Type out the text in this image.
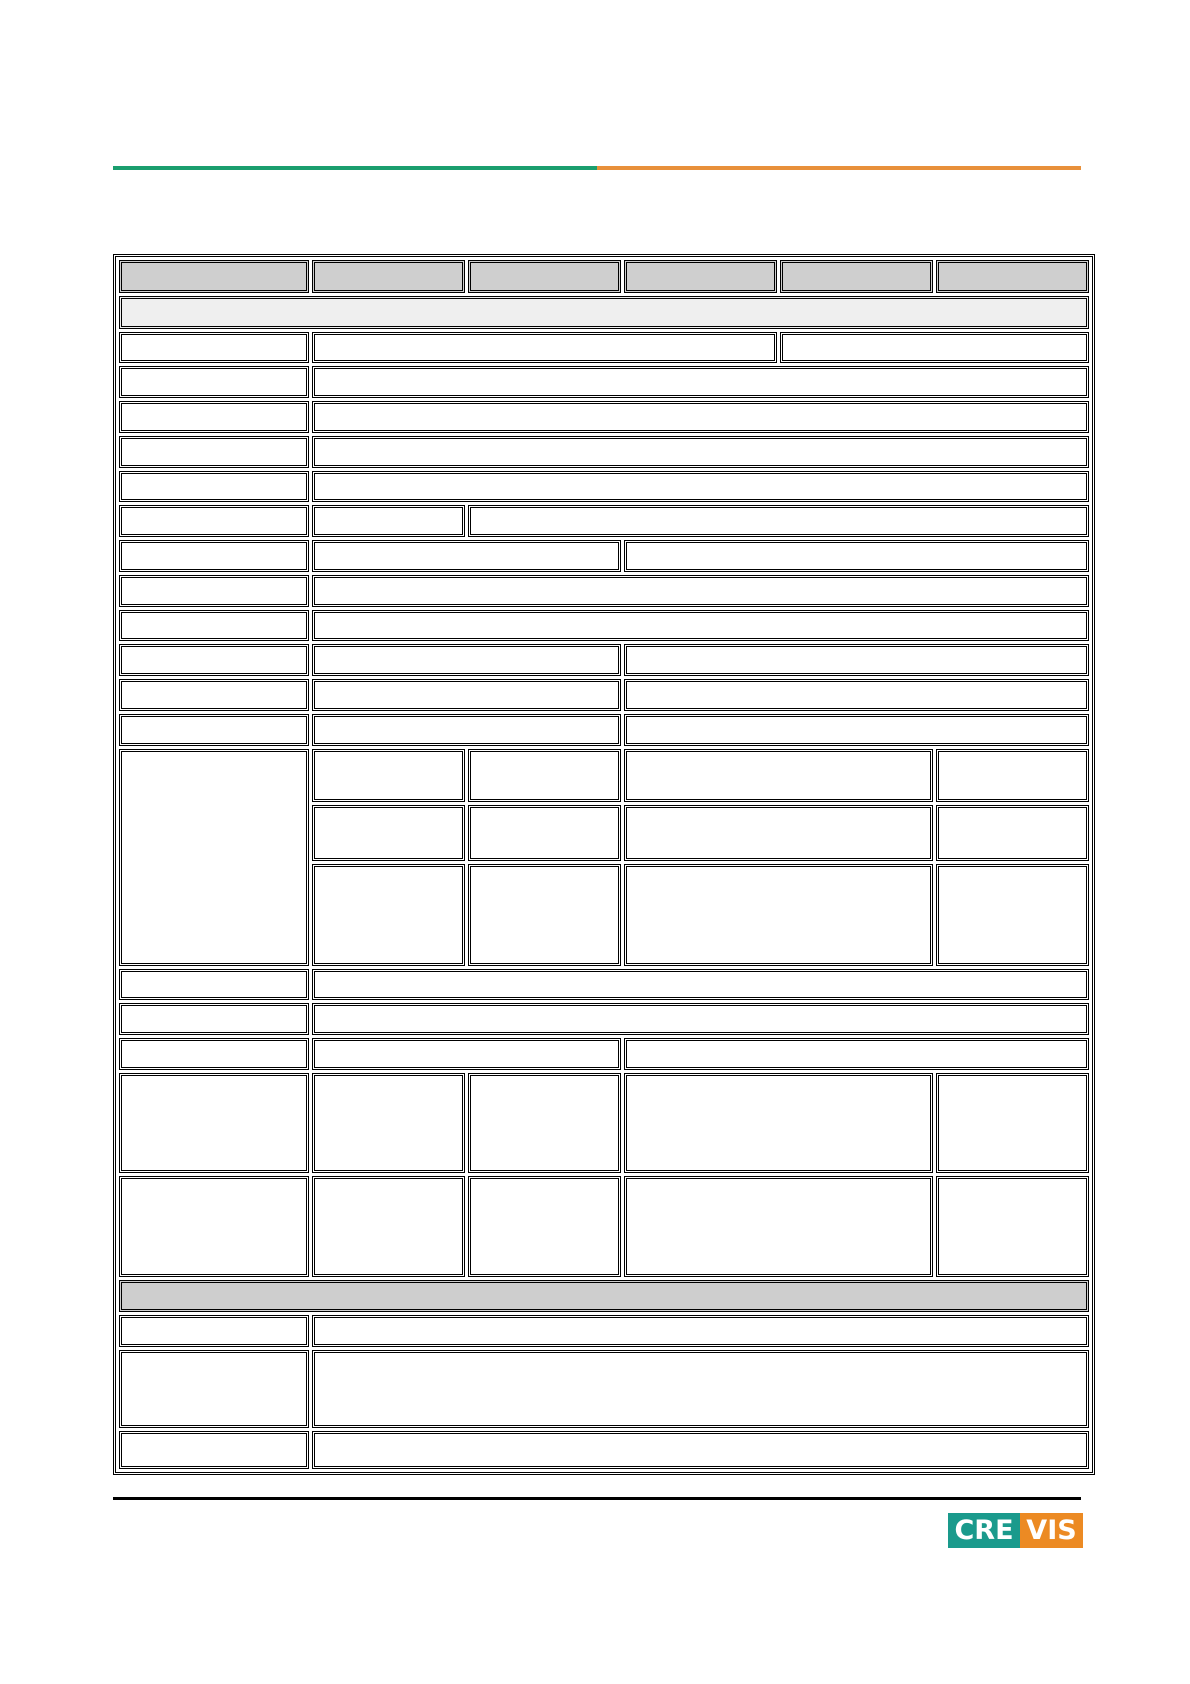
CRE VIS
